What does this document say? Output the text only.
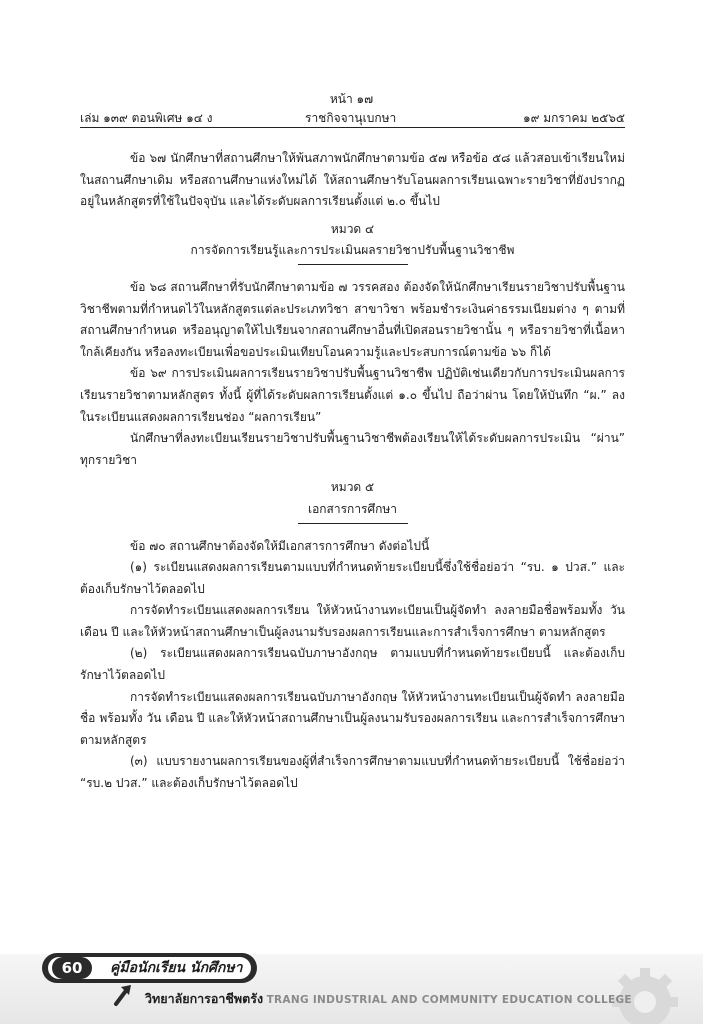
หน้า ๑๗
เล่ม ๑๓๙ ตอนพิเศษ ๑๔ ง	ราชกิจจานุเบกษา	๑๙ มกราคม ๒๕๖๕

ข้อ ๖๗ นักศึกษาที่สถานศึกษาให้พ้นสภาพนักศึกษาตามข้อ ๕๗ หรือข้อ ๕๘ แล้วสอบเข้าเรียนใหม่ในสถานศึกษาเดิม หรือสถานศึกษาแห่งใหม่ได้ ให้สถานศึกษารับโอนผลการเรียนเฉพาะรายวิชาที่ยังปรากฏอยู่ในหลักสูตรที่ใช้ในปัจจุบัน และได้ระดับผลการเรียนตั้งแต่ ๒.๐ ขึ้นไป

หมวด ๔

การจัดการเรียนรู้และการประเมินผลรายวิชาปรับพื้นฐานวิชาชีพ

ข้อ ๖๘ สถานศึกษาที่รับนักศึกษาตามข้อ ๗ วรรคสอง ต้องจัดให้นักศึกษาเรียนรายวิชาปรับพื้นฐานวิชาชีพตามที่กำหนดไว้ในหลักสูตรแต่ละประเภทวิชา สาขาวิชา พร้อมชำระเงินค่าธรรมเนียมต่าง ๆ ตามที่สถานศึกษากำหนด หรืออนุญาตให้ไปเรียนจากสถานศึกษาอื่นที่เปิดสอนรายวิชานั้น ๆ หรือรายวิชาที่เนื้อหาใกล้เคียงกัน หรือลงทะเบียนเพื่อขอประเมินเทียบโอนความรู้และประสบการณ์ตามข้อ ๖๖ ก็ได้

ข้อ ๖๙ การประเมินผลการเรียนรายวิชาปรับพื้นฐานวิชาชีพ ปฏิบัติเช่นเดียวกับการประเมินผลการเรียนรายวิชาตามหลักสูตร ทั้งนี้ ผู้ที่ได้ระดับผลการเรียนตั้งแต่ ๑.๐ ขึ้นไป ถือว่าผ่าน โดยให้บันทึก “ผ.” ลงในระเบียนแสดงผลการเรียนช่อง “ผลการเรียน”

นักศึกษาที่ลงทะเบียนเรียนรายวิชาปรับพื้นฐานวิชาชีพต้องเรียนให้ได้ระดับผลการประเมิน “ผ่าน” ทุกรายวิชา

หมวด ๕

เอกสารการศึกษา

ข้อ ๗๐ สถานศึกษาต้องจัดให้มีเอกสารการศึกษา ดังต่อไปนี้

(๑) ระเบียนแสดงผลการเรียนตามแบบที่กำหนดท้ายระเบียบนี้ซึ่งใช้ชื่อย่อว่า “รบ. ๑ ปวส.” และต้องเก็บรักษาไว้ตลอดไป

การจัดทำระเบียนแสดงผลการเรียน ให้หัวหน้างานทะเบียนเป็นผู้จัดทำ ลงลายมือชื่อพร้อมทั้ง วัน เดือน ปี และให้หัวหน้าสถานศึกษาเป็นผู้ลงนามรับรองผลการเรียนและการสำเร็จการศึกษา ตามหลักสูตร

(๒) ระเบียนแสดงผลการเรียนฉบับภาษาอังกฤษ ตามแบบที่กำหนดท้ายระเบียบนี้ และต้องเก็บรักษาไว้ตลอดไป

การจัดทำระเบียนแสดงผลการเรียนฉบับภาษาอังกฤษ ให้หัวหน้างานทะเบียนเป็นผู้จัดทำ ลงลายมือชื่อ พร้อมทั้ง วัน เดือน ปี และให้หัวหน้าสถานศึกษาเป็นผู้ลงนามรับรองผลการเรียน และการสำเร็จการศึกษาตามหลักสูตร

(๓) แบบรายงานผลการเรียนของผู้ที่สำเร็จการศึกษาตามแบบที่กำหนดท้ายระเบียบนี้ ใช้ชื่อย่อว่า “รบ.๒ ปวส.” และต้องเก็บรักษาไว้ตลอดไป

60	คู่มือนักเรียน นักศึกษา
วิทยาลัยการอาชีพตรัง TRANG INDUSTRIAL AND COMMUNITY EDUCATION COLLEGE
